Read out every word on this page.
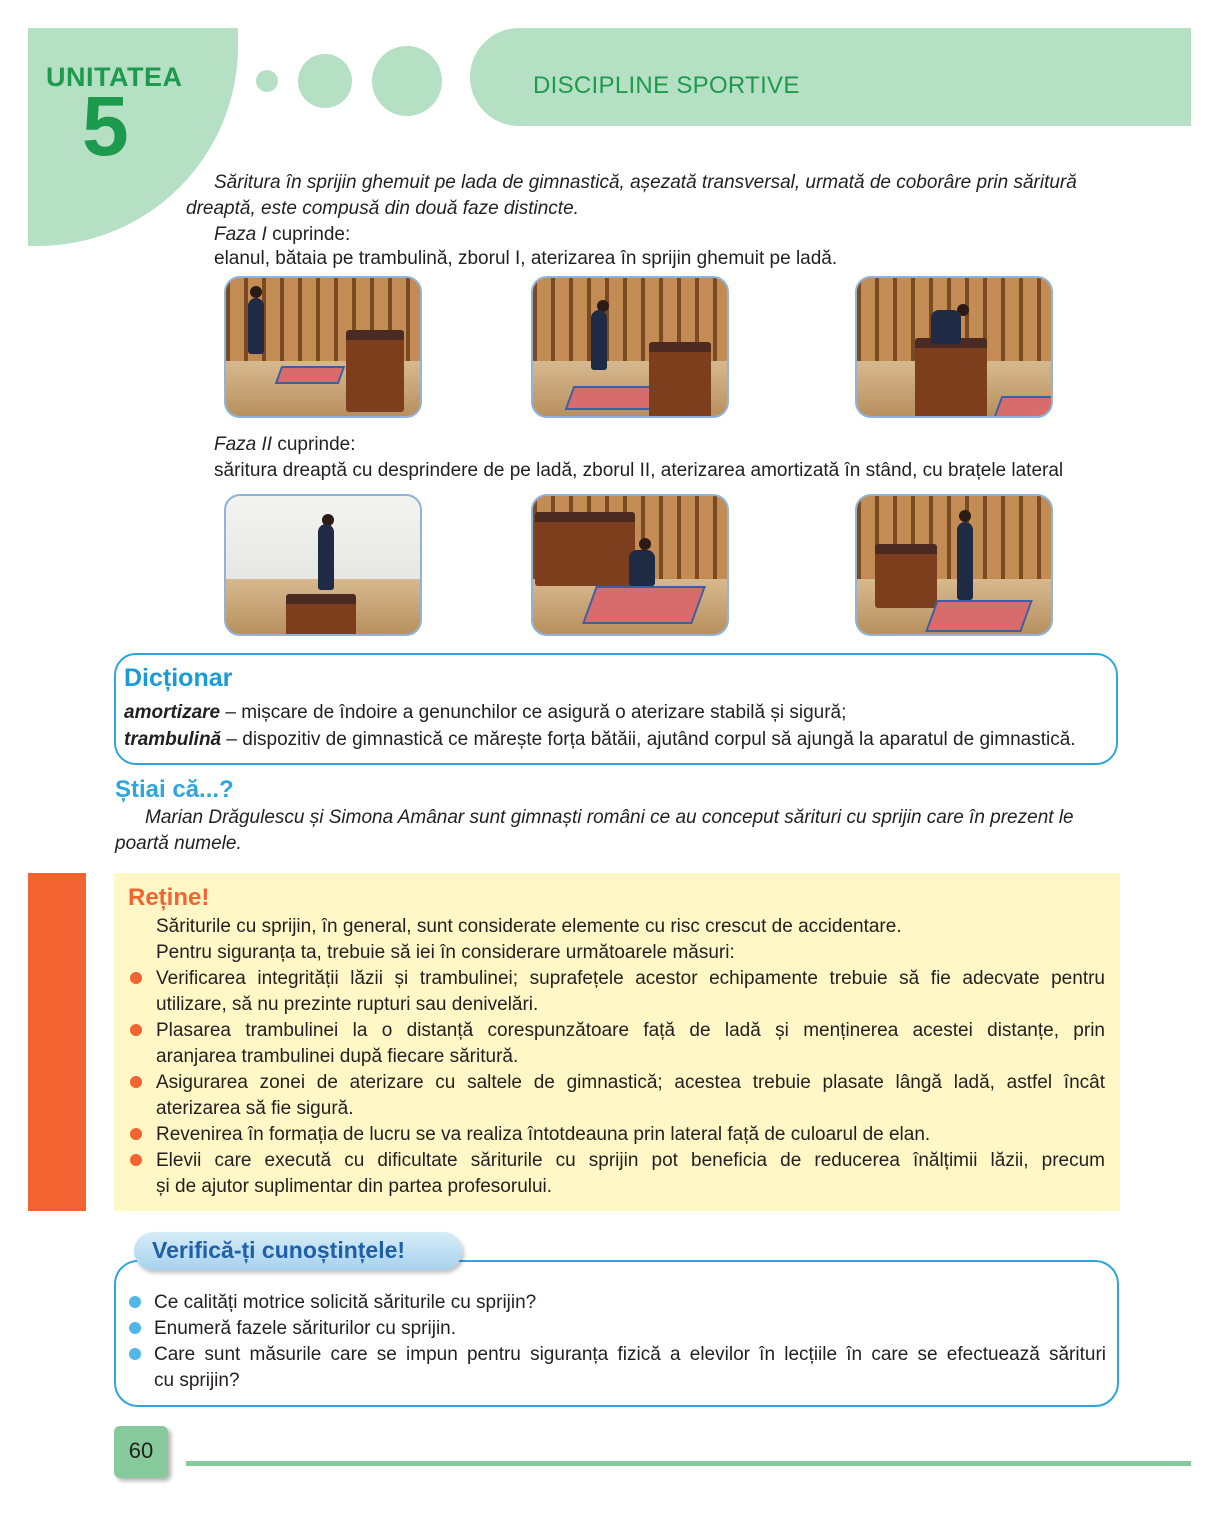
UNITATEA
5	DISCIPLINE SPORTIVE
Săritura în sprijin ghemuit pe lada de gimnastică, așezată transversal, urmată de coborâre prin săritură
dreaptă, este compusă din două faze distincte.
Faza I cuprinde:
elanul, bătaia pe trambulină, zborul I, aterizarea în sprijin ghemuit pe ladă.
Faza II cuprinde:
săritura dreaptă cu desprindere de pe ladă, zborul II, aterizarea amortizată în stând, cu brațele lateral
Dicționar
amortizare – mișcare de îndoire a genunchilor ce asigură o aterizare stabilă și sigură;
trambulină – dispozitiv de gimnastică ce mărește forța bătăii, ajutând corpul să ajungă la aparatul de gimnastică.
Știai că...?
Marian Drăgulescu și Simona Amânar sunt gimnaști români ce au conceput sărituri cu sprijin care în prezent le
poartă numele.
Reține!
Săriturile cu sprijin, în general, sunt considerate elemente cu risc crescut de accidentare.
Pentru siguranța ta, trebuie să iei în considerare următoarele măsuri:
Verificarea integrității lăzii și trambulinei; suprafețele acestor echipamente trebuie să fie adecvate pentru
utilizare, să nu prezinte rupturi sau denivelări.
Plasarea trambulinei la o distanță corespunzătoare față de ladă și menținerea acestei distanțe, prin
aranjarea trambulinei după fiecare săritură.
Asigurarea zonei de aterizare cu saltele de gimnastică; acestea trebuie plasate lângă ladă, astfel încât
aterizarea să fie sigură.
Revenirea în formația de lucru se va realiza întotdeauna prin lateral față de culoarul de elan.
Elevii care execută cu dificultate săriturile cu sprijin pot beneficia de reducerea înălțimii lăzii, precum
și de ajutor suplimentar din partea profesorului.
Verifică-ți cunoștințele!
Ce calități motrice solicită săriturile cu sprijin?
Enumeră fazele săriturilor cu sprijin.
Care sunt măsurile care se impun pentru siguranța fizică a elevilor în lecțiile în care se efectuează sărituri
cu sprijin?
60
